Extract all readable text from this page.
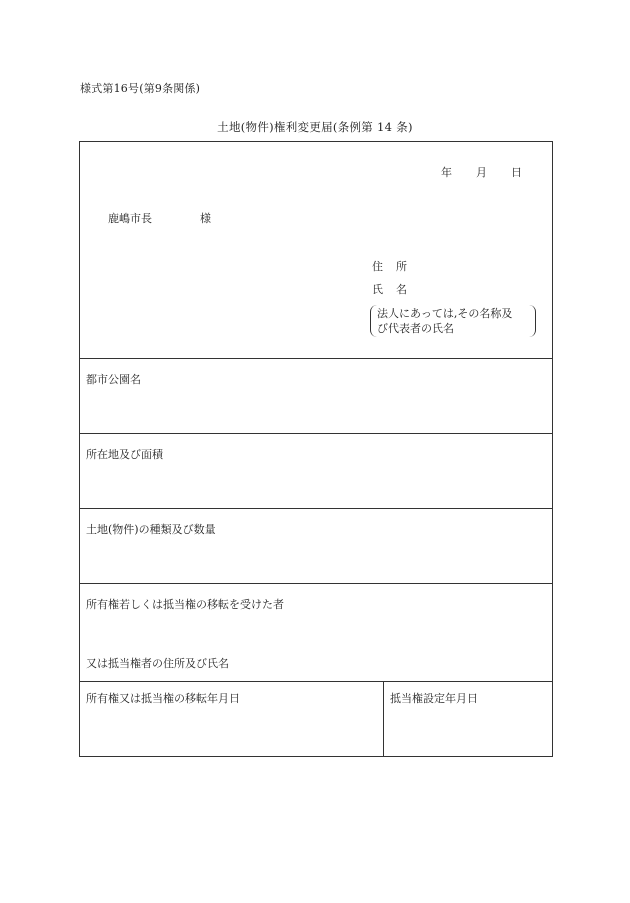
様式第16号(第9条関係)
土地(物件)権利変更届(条例第 14 条)
年 月 日
鹿嶋市長	様
住	所
氏	名
法人にあっては,その名称及
び代表者の氏名
都市公園名
所在地及び面積
土地(物件)の種類及び数量
所有権若しくは抵当権の移転を受けた者
又は抵当権者の住所及び氏名
所有権又は抵当権の移転年月日	抵当権設定年月日
